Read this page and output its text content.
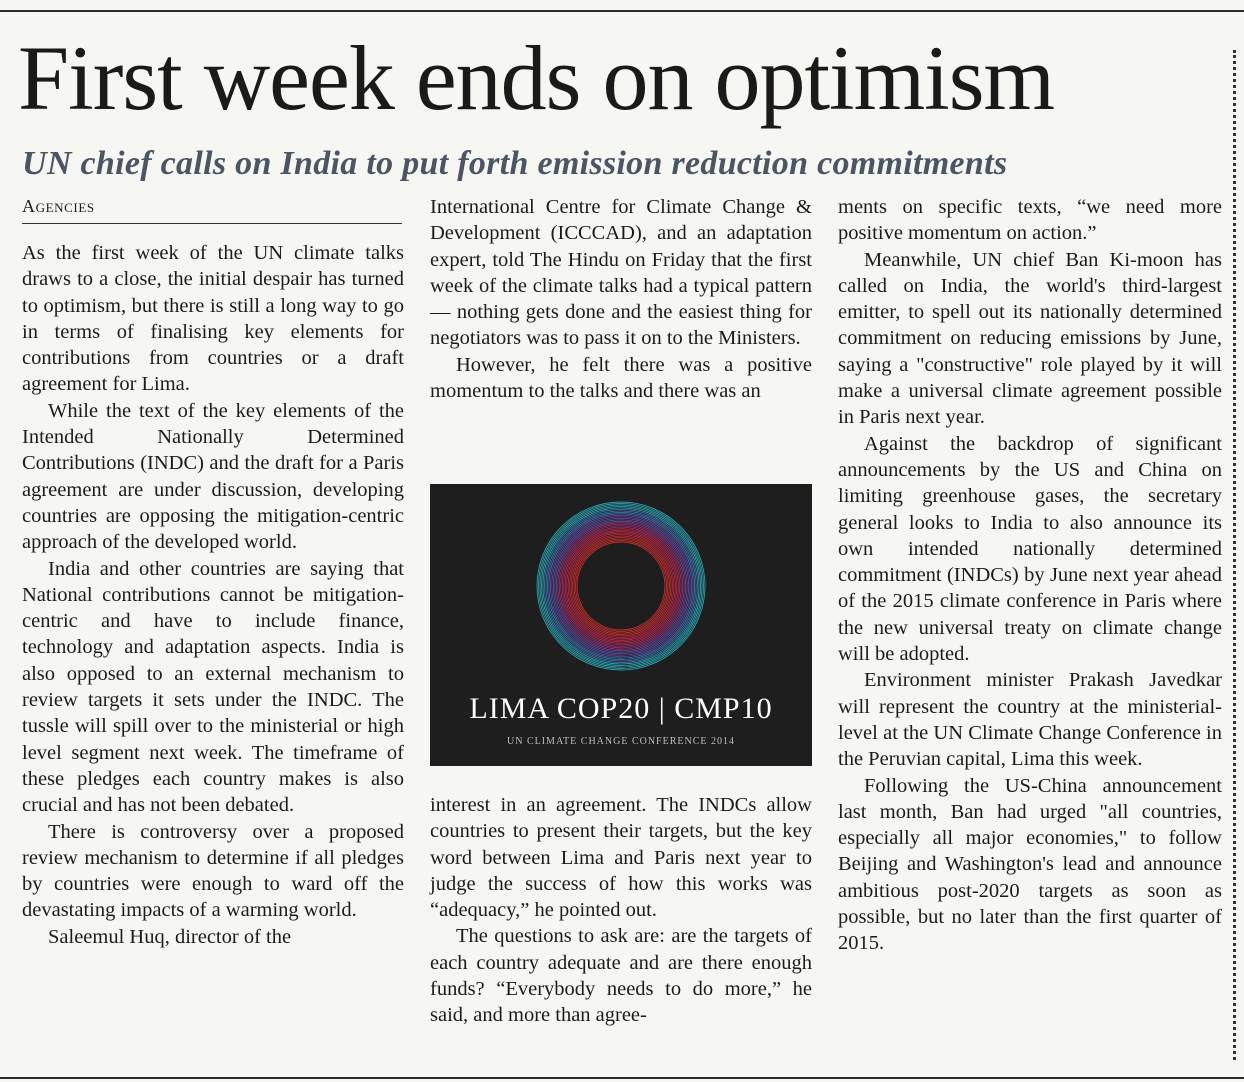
First week ends on optimism
UN chief calls on India to put forth emission reduction commitments
Agencies

As the first week of the UN climate talks draws to a close, the initial despair has turned to optimism, but there is still a long way to go in terms of finalising key elements for contributions from countries or a draft agreement for Lima.

While the text of the key elements of the Intended Nationally Determined Contributions (INDC) and the draft for a Paris agreement are under discussion, developing countries are opposing the mitigation-centric approach of the developed world.

India and other countries are saying that National contributions cannot be mitigation-centric and have to include finance, technology and adaptation aspects. India is also opposed to an external mechanism to review targets it sets under the INDC. The tussle will spill over to the ministerial or high level segment next week. The timeframe of these pledges each country makes is also crucial and has not been debated.

There is controversy over a proposed review mechanism to determine if all pledges by countries were enough to ward off the devastating impacts of a warming world.

Saleemul Huq, director of the

International Centre for Climate Change & Development (ICCCAD), and an adaptation expert, told The Hindu on Friday that the first week of the climate talks had a typical pattern — nothing gets done and the easiest thing for negotiators was to pass it on to the Ministers.

However, he felt there was a positive momentum to the talks and there was an

LIMA COP20 | CMP10
UN CLIMATE CHANGE CONFERENCE 2014

interest in an agreement. The INDCs allow countries to present their targets, but the key word between Lima and Paris next year to judge the success of how this works was “adequacy,” he pointed out.

The questions to ask are: are the targets of each country adequate and are there enough funds? “Everybody needs to do more,” he said, and more than agree-

ments on specific texts, “we need more positive momentum on action.”

Meanwhile, UN chief Ban Ki-moon has called on India, the world's third-largest emitter, to spell out its nationally determined commitment on reducing emissions by June, saying a "constructive" role played by it will make a universal climate agreement possible in Paris next year.

Against the backdrop of significant announcements by the US and China on limiting greenhouse gases, the secretary general looks to India to also announce its own intended nationally determined commitment (INDCs) by June next year ahead of the 2015 climate conference in Paris where the new universal treaty on climate change will be adopted.

Environment minister Prakash Javedkar will represent the country at the ministerial-level at the UN Climate Change Conference in the Peruvian capital, Lima this week.

Following the US-China announcement last month, Ban had urged "all countries, especially all major economies," to follow Beijing and Washington's lead and announce ambitious post-2020 targets as soon as possible, but no later than the first quarter of 2015.
